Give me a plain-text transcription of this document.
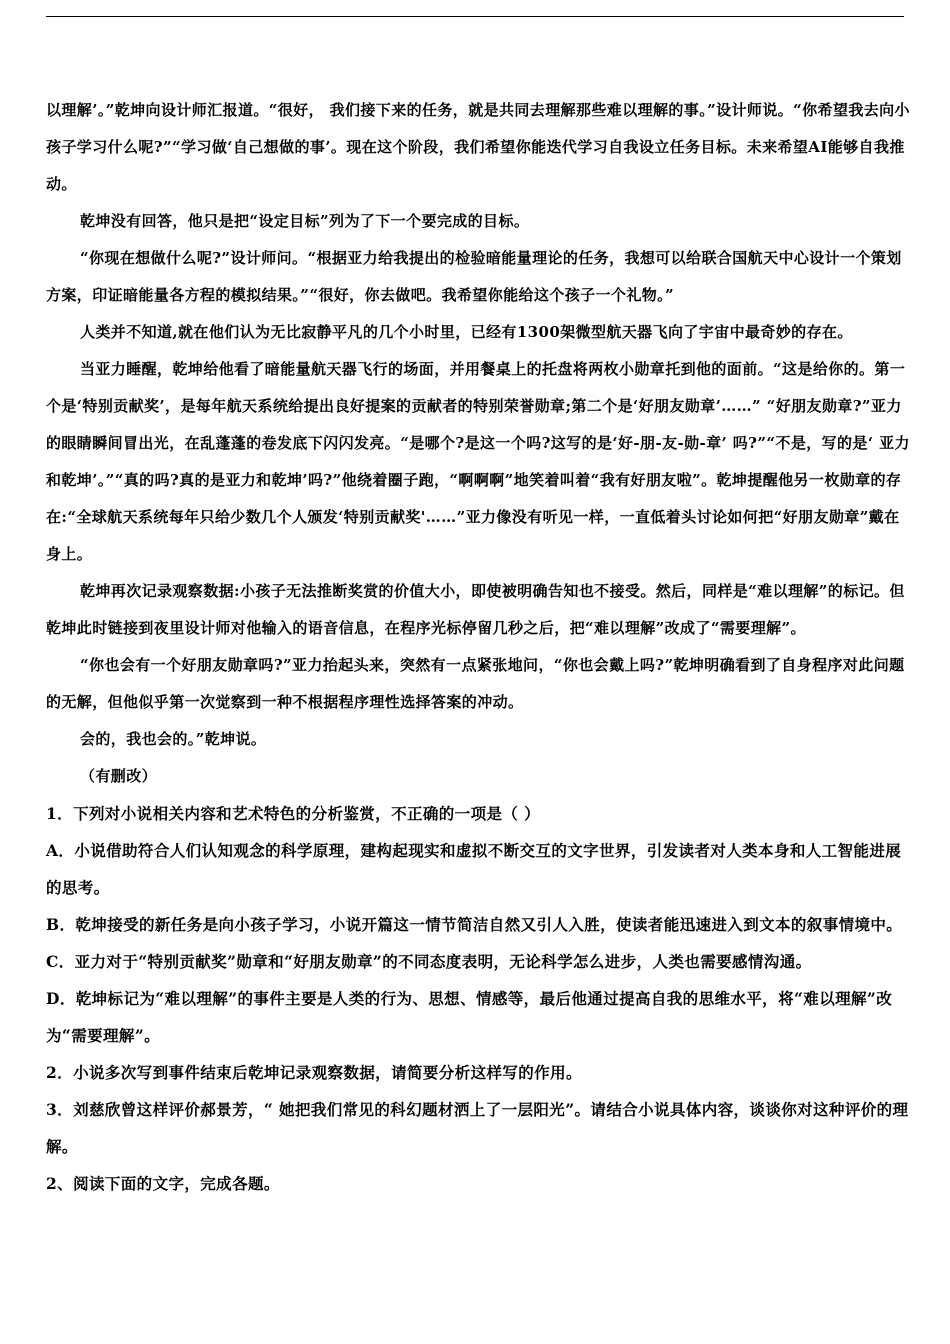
以理解’。”乾坤向设计师汇报道。“很好， 我们接下来的任务，就是共同去理解那些难以理解的事。”设计师说。“你希望我去向小孩子学习什么呢?”“学习做‘自己想做的事’。现在这个阶段，我们希望你能迭代学习自我设立任务目标。未来希望AI能够自我推动。

乾坤没有回答，他只是把“设定目标”列为了下一个要完成的目标。

“你现在想做什么呢?”设计师问。“根据亚力给我提出的检验暗能量理论的任务，我想可以给联合国航天中心设计一个策划方案，印证暗能量各方程的模拟结果。”“很好，你去做吧。我希望你能给这个孩子一个礼物。”

人类并不知道,就在他们认为无比寂静平凡的几个小时里，已经有1300架微型航天器飞向了宇宙中最奇妙的存在。

当亚力睡醒，乾坤给他看了暗能量航天器飞行的场面，并用餐桌上的托盘将两枚小勋章托到他的面前。“这是给你的。第一个是‘特别贡献奖’，是每年航天系统给提出良好提案的贡献者的特别荣誉勋章;第二个是‘好朋友勋章’……” “好朋友勋章?”亚力的眼睛瞬间冒出光，在乱蓬蓬的卷发底下闪闪发亮。“是哪个?是这一个吗?这写的是‘好-朋-友-勋-章’ 吗?”“不是，写的是‘ 亚力和乾坤’。”“真的吗?真的是亚力和乾坤’吗?”他绕着圈子跑，“啊啊啊”地笑着叫着“我有好朋友啦”。乾坤提醒他另一枚勋章的存在:“全球航天系统每年只给少数几个人颁发‘特别贡献奖'……”亚力像没有听见一样，一直低着头讨论如何把“好朋友勋章”戴在身上。

乾坤再次记录观察数据:小孩子无法推断奖赏的价值大小，即使被明确告知也不接受。然后，同样是“难以理解”的标记。但乾坤此时链接到夜里设计师对他输入的语音信息，在程序光标停留几秒之后，把“难以理解”改成了“需要理解”。

“你也会有一个好朋友勋章吗?”亚力抬起头来，突然有一点紧张地问，“你也会戴上吗?”乾坤明确看到了自身程序对此问题的无解，但他似乎第一次觉察到一种不根据程序理性选择答案的冲动。

会的，我也会的。”乾坤说。

（有删改）

1．下列对小说相关内容和艺术特色的分析鉴赏，不正确的一项是（ ）

A．小说借助符合人们认知观念的科学原理，建构起现实和虚拟不断交互的文字世界，引发读者对人类本身和人工智能进展的思考。

B．乾坤接受的新任务是向小孩子学习，小说开篇这一情节简洁自然又引人入胜，使读者能迅速进入到文本的叙事情境中。

C．亚力对于“特别贡献奖”勋章和“好朋友勋章”的不同态度表明，无论科学怎么进步，人类也需要感情沟通。

D．乾坤标记为“难以理解”的事件主要是人类的行为、思想、情感等，最后他通过提高自我的思维水平，将“难以理解”改为“需要理解”。

2．小说多次写到事件结束后乾坤记录观察数据，请简要分析这样写的作用。

3．刘慈欣曾这样评价郝景芳，“ 她把我们常见的科幻题材洒上了一层阳光”。请结合小说具体内容，谈谈你对这种评价的理解。

2、阅读下面的文字，完成各题。
